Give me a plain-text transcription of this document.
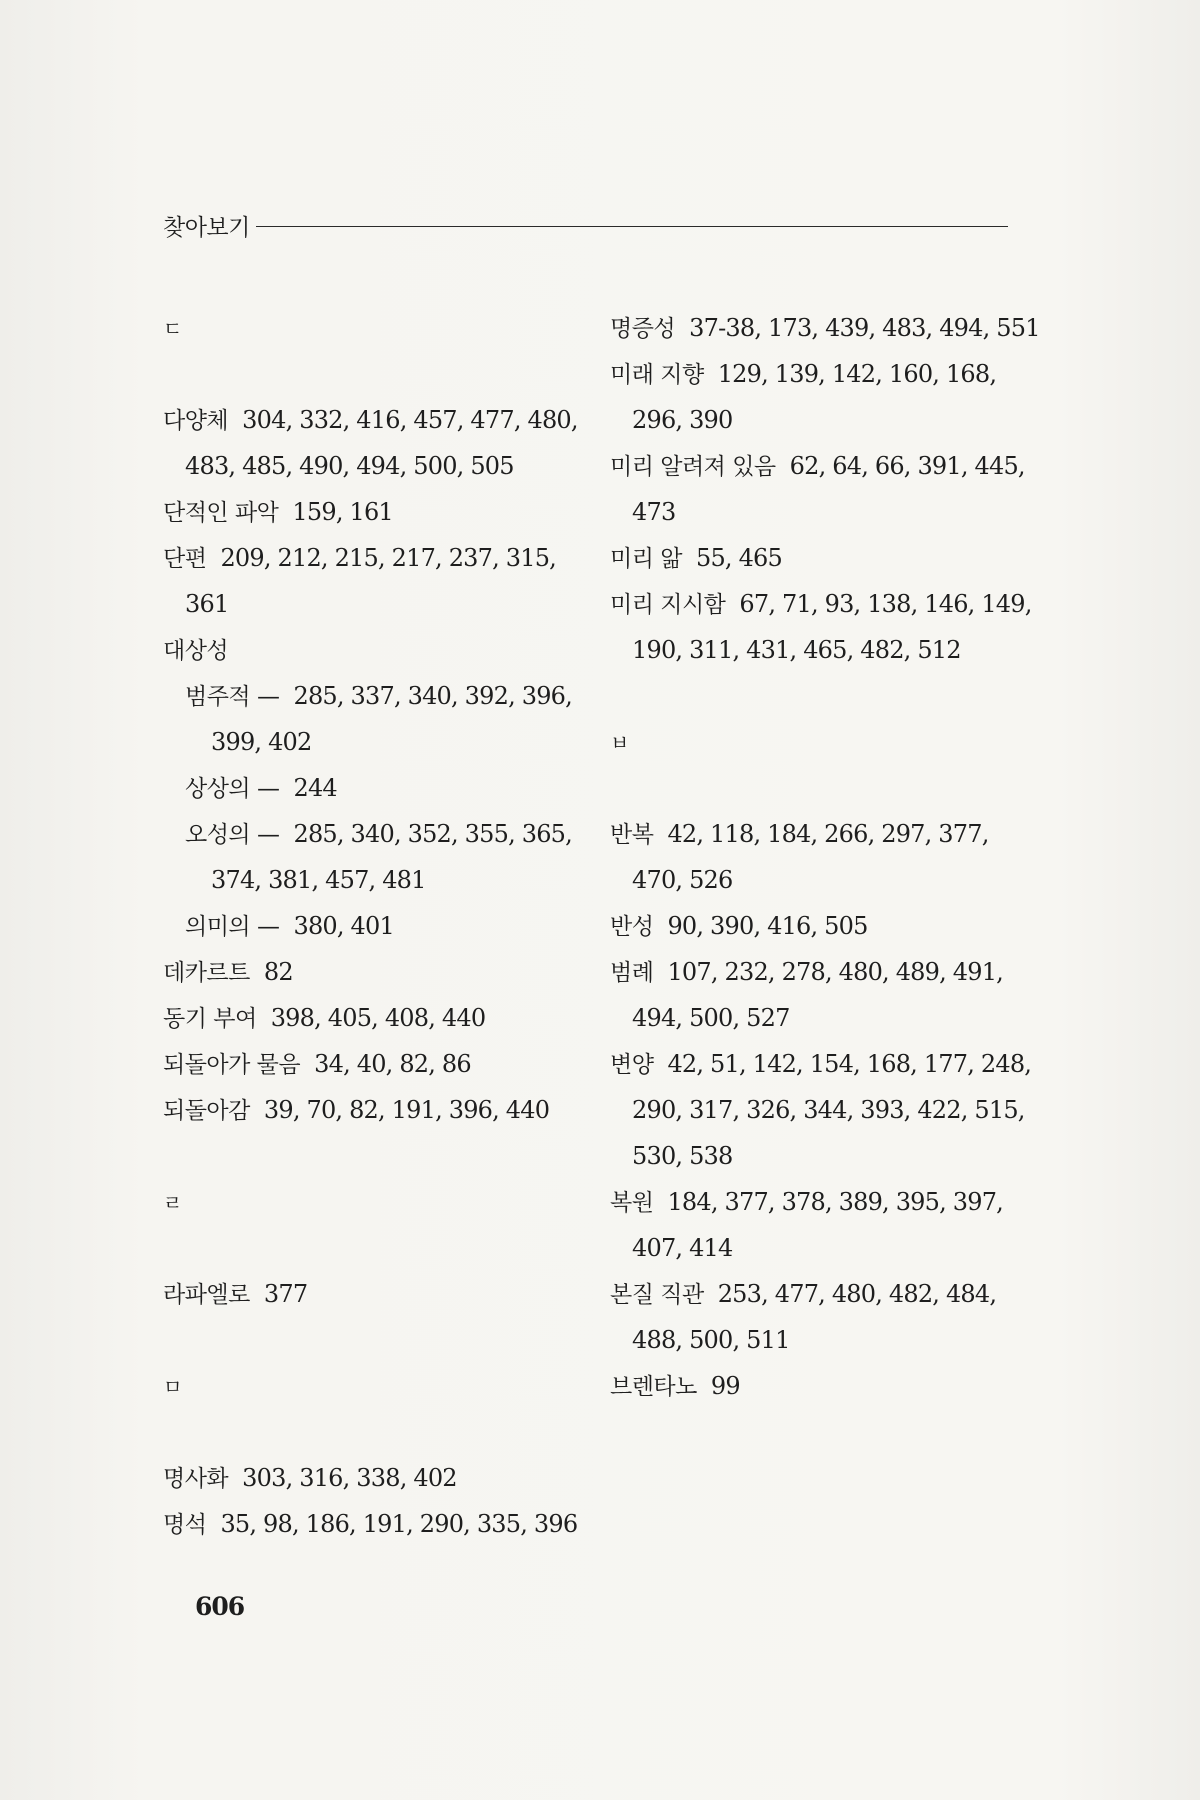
찾아보기
ㄷ
다양체 304, 332, 416, 457, 477, 480,
483, 485, 490, 494, 500, 505
단적인 파악 159, 161
단편 209, 212, 215, 217, 237, 315,
361
대상성
범주적 — 285, 337, 340, 392, 396,
399, 402
상상의 — 244
오성의 — 285, 340, 352, 355, 365,
374, 381, 457, 481
의미의 — 380, 401
데카르트 82
동기 부여 398, 405, 408, 440
되돌아가 물음 34, 40, 82, 86
되돌아감 39, 70, 82, 191, 396, 440
ㄹ
라파엘로 377
ㅁ
명사화 303, 316, 338, 402
명석 35, 98, 186, 191, 290, 335, 396
명증성 37-38, 173, 439, 483, 494, 551
미래 지향 129, 139, 142, 160, 168,
296, 390
미리 알려져 있음 62, 64, 66, 391, 445,
473
미리 앎 55, 465
미리 지시함 67, 71, 93, 138, 146, 149,
190, 311, 431, 465, 482, 512
ㅂ
반복 42, 118, 184, 266, 297, 377,
470, 526
반성 90, 390, 416, 505
범례 107, 232, 278, 480, 489, 491,
494, 500, 527
변양 42, 51, 142, 154, 168, 177, 248,
290, 317, 326, 344, 393, 422, 515,
530, 538
복원 184, 377, 378, 389, 395, 397,
407, 414
본질 직관 253, 477, 480, 482, 484,
488, 500, 511
브렌타노 99
606
